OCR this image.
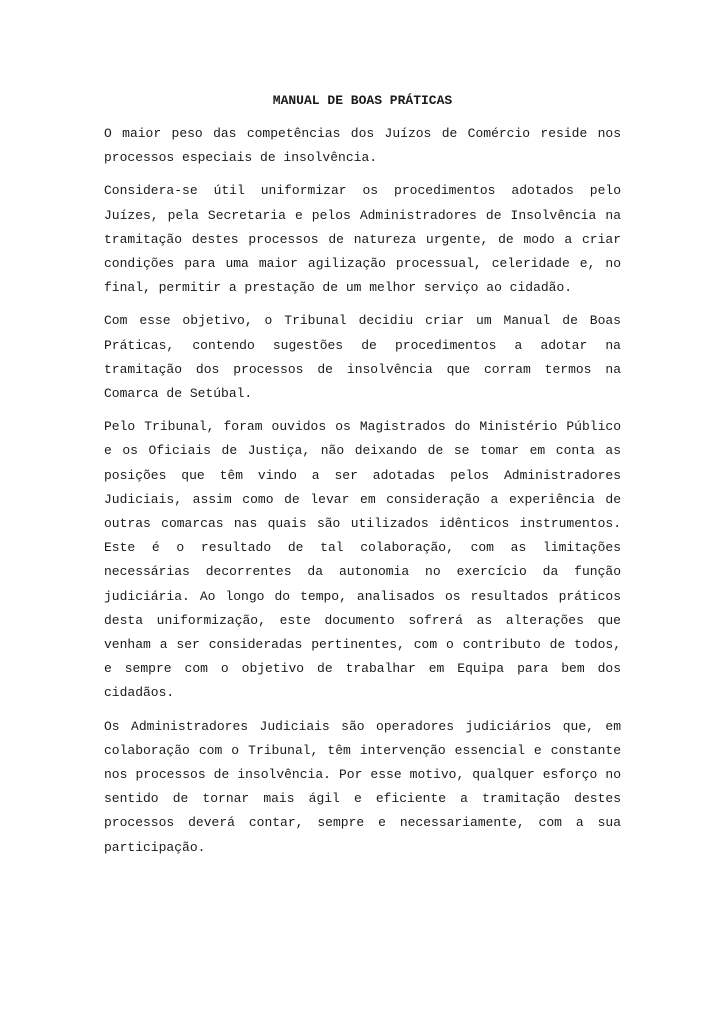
MANUAL DE BOAS PRÁTICAS

O maior peso das competências dos Juízos de Comércio reside nos processos especiais de insolvência.

Considera-se útil uniformizar os procedimentos adotados pelo Juízes, pela Secretaria e pelos Administradores de Insolvência na tramitação destes processos de natureza urgente, de modo a criar condições para uma maior agilização processual, celeridade e, no final, permitir a prestação de um melhor serviço ao cidadão.

Com esse objetivo, o Tribunal decidiu criar um Manual de Boas Práticas, contendo sugestões de procedimentos a adotar na tramitação dos processos de insolvência que corram termos na Comarca de Setúbal.

Pelo Tribunal, foram ouvidos os Magistrados do Ministério Público e os Oficiais de Justiça, não deixando de se tomar em conta as posições que têm vindo a ser adotadas pelos Administradores Judiciais, assim como de levar em consideração a experiência de outras comarcas nas quais são utilizados idênticos instrumentos. Este é o resultado de tal colaboração, com as limitações necessárias decorrentes da autonomia no exercício da função judiciária. Ao longo do tempo, analisados os resultados práticos desta uniformização, este documento sofrerá as alterações que venham a ser consideradas pertinentes, com o contributo de todos, e sempre com o objetivo de trabalhar em Equipa para bem dos cidadãos.

Os Administradores Judiciais são operadores judiciários que, em colaboração com o Tribunal, têm intervenção essencial e constante nos processos de insolvência. Por esse motivo, qualquer esforço no sentido de tornar mais ágil e eficiente a tramitação destes processos deverá contar, sempre e necessariamente, com a sua participação.
